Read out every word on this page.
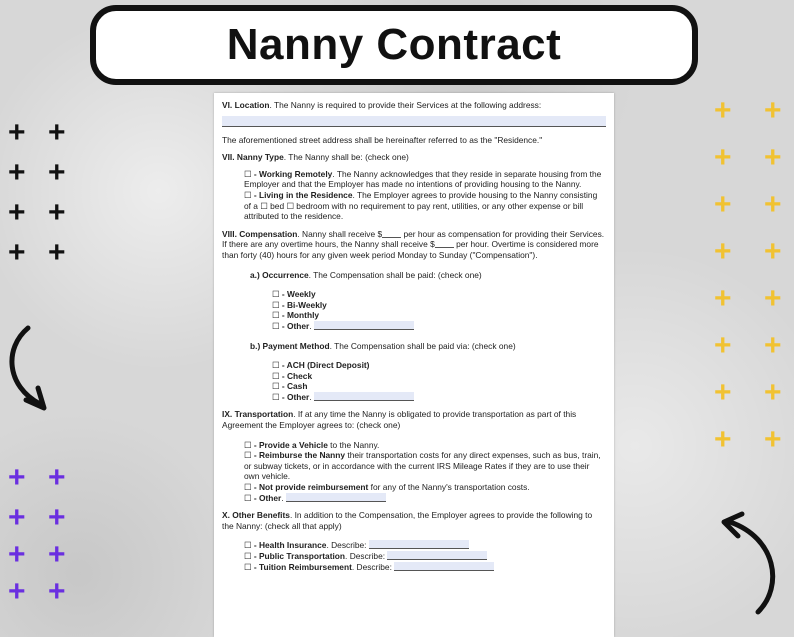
Nanny Contract
+ +
+ +
+ +
+ +
+ +
+ +
+ +
+ +
+ +
+ +
+ +
+ +
+ +
+ +
+ +
+ +

VI. Location. The Nanny is required to provide their Services at the following address:

The aforementioned street address shall be hereinafter referred to as the "Residence."

VII. Nanny Type. The Nanny shall be: (check one)

☐ - Working Remotely. The Nanny acknowledges that they reside in separate housing from the Employer and that the Employer has made no intentions of providing housing to the Nanny.

☐ - Living in the Residence. The Employer agrees to provide housing to the Nanny consisting of a ☐ bed ☐ bedroom with no requirement to pay rent, utilities, or any other expense or bill attributed to the residence.

VIII. Compensation. Nanny shall receive $ per hour as compensation for providing their Services. If there are any overtime hours, the Nanny shall receive $ per hour. Overtime is considered more than forty (40) hours for any given week period Monday to Sunday ("Compensation").

a.) Occurrence. The Compensation shall be paid: (check one)

☐ - Weekly

☐ - Bi-Weekly

☐ - Monthly

☐ - Other.

b.) Payment Method. The Compensation shall be paid via: (check one)

☐ - ACH (Direct Deposit)

☐ - Check

☐ - Cash

☐ - Other.

IX. Transportation. If at any time the Nanny is obligated to provide transportation as part of this Agreement the Employer agrees to: (check one)

☐ - Provide a Vehicle to the Nanny.

☐ - Reimburse the Nanny their transportation costs for any direct expenses, such as bus, train, or subway tickets, or in accordance with the current IRS Mileage Rates if they are to use their own vehicle.

☐ - Not provide reimbursement for any of the Nanny's transportation costs.

☐ - Other.

X. Other Benefits. In addition to the Compensation, the Employer agrees to provide the following to the Nanny: (check all that apply)

☐ - Health Insurance. Describe:

☐ - Public Transportation. Describe:

☐ - Tuition Reimbursement. Describe:
